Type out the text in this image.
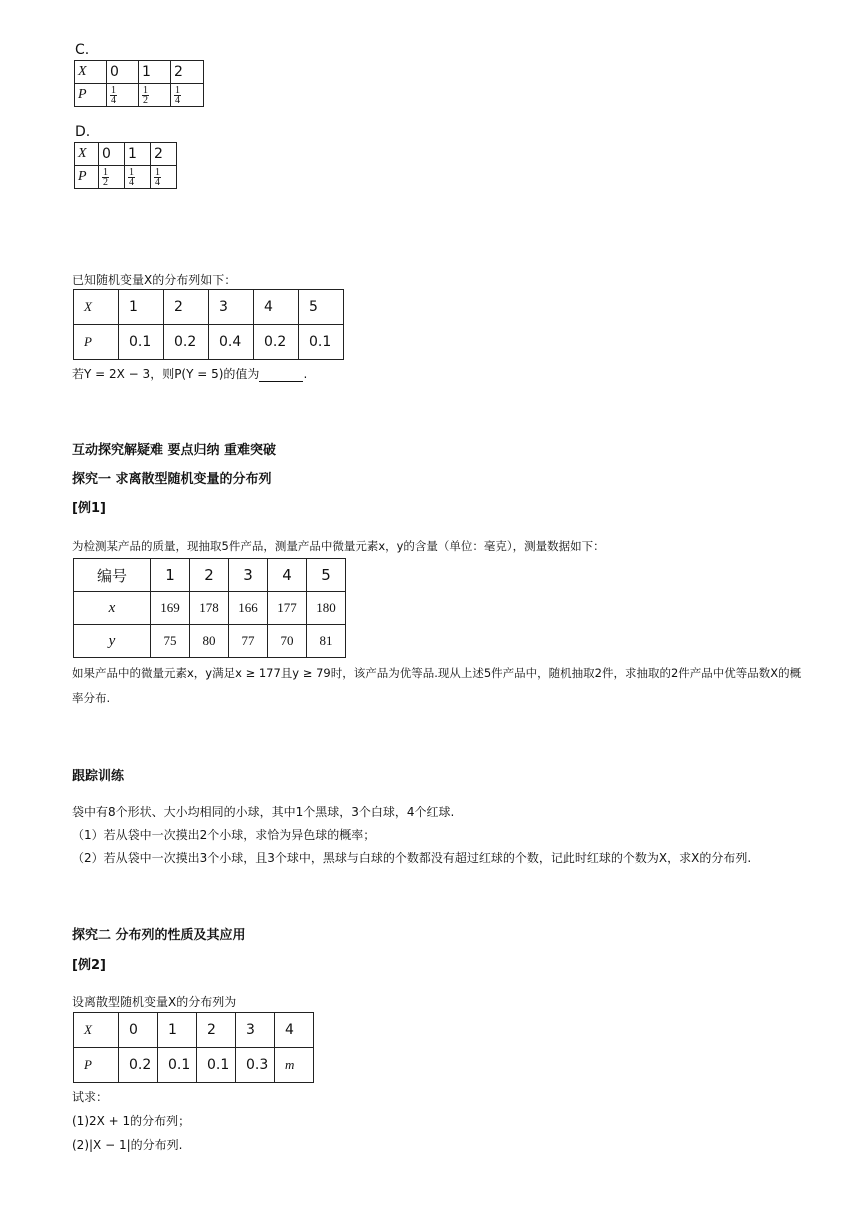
C.
X	0	1	2
P	$\frac{1}{4}$	$\frac{1}{2}$	$\frac{1}{4}$
D.
X	0	1	2
P	$\frac{1}{2}$	$\frac{1}{4}$	$\frac{1}{4}$
已知随机变量X的分布列如下：
X	1	2	3	4	5
P	0.1	0.2	0.4	0.2	0.1
若Y = 2X − 3，则P(Y = 5)的值为	.
互动探究解疑难 要点归纳 重难突破
探究一 求离散型随机变量的分布列
[例1]
为检测某产品的质量，现抽取5件产品，测量产品中微量元素x，y的含量（单位：毫克），测量数据如下：
编号	1	2	3	4	5
x	169	178	166	177	180
y	75	80	77	70	81
如果产品中的微量元素x，y满足x ≥ 177且y ≥ 79时，该产品为优等品.现从上述5件产品中，随机抽取2件，求抽取的2件产品中优等品数X的概
率分布.
跟踪训练
袋中有8个形状、大小均相同的小球，其中1个黑球，3个白球，4个红球.
（1）若从袋中一次摸出2个小球，求恰为异色球的概率；
（2）若从袋中一次摸出3个小球，且3个球中，黑球与白球的个数都没有超过红球的个数，记此时红球的个数为X，求X的分布列.
探究二 分布列的性质及其应用
[例2]
设离散型随机变量X的分布列为
X	0	1	2	3	4
P	0.2	0.1	0.1	0.3	m
试求：
(1)2X + 1的分布列；
(2)|X − 1|的分布列.
